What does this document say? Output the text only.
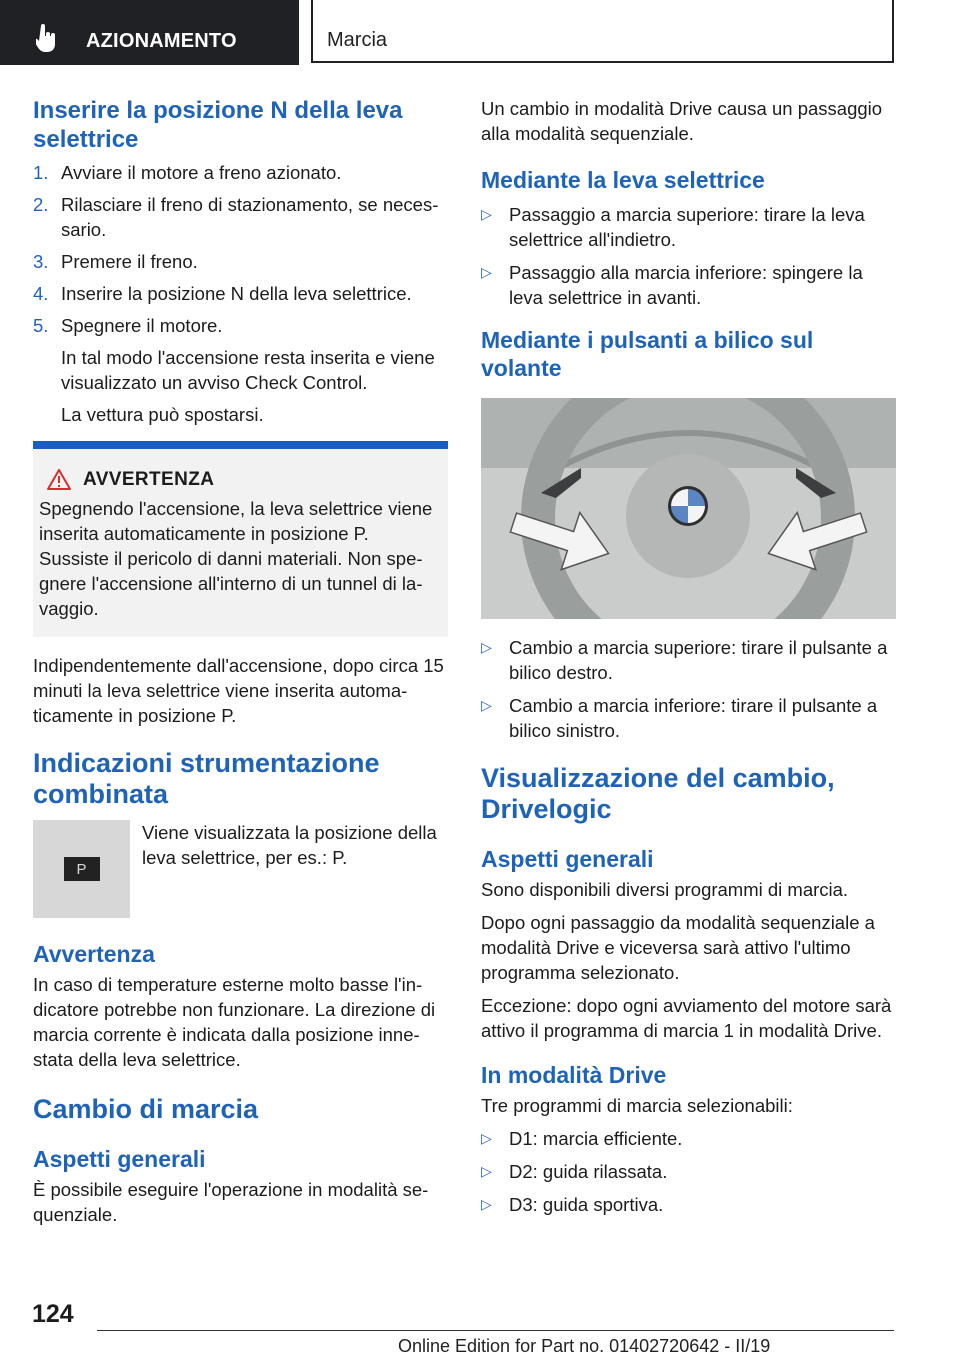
AZIONAMENTO	Marcia
Inserire la posizione N della leva selettrice
1. Avviare il motore a freno azionato.
2. Rilasciare il freno di stazionamento, se neces‐sario.
3. Premere il freno.
4. Inserire la posizione N della leva selettrice.
5. Spegnere il motore.

In tal modo l'accensione resta inserita e viene visualizzato un avviso Check Control.

La vettura può spostarsi.

AVVERTENZA

Spegnendo l'accensione, la leva selettrice viene inserita automaticamente in posizione P. Sussiste il pericolo di danni materiali. Non spe‐gnere l'accensione all'interno di un tunnel di la‐vaggio.

Indipendentemente dall'accensione, dopo circa 15 minuti la leva selettrice viene inserita automa‐ticamente in posizione P.

Indicazioni strumentazione combinata
P

Viene visualizzata la posizione della leva selettrice, per es.: P.

Avvertenza

In caso di temperature esterne molto basse l'in‐dicatore potrebbe non funzionare. La direzione di marcia corrente è indicata dalla posizione inne‐stata della leva selettrice.

Cambio di marcia
Aspetti generali

È possibile eseguire l'operazione in modalità se‐quenziale.

Un cambio in modalità Drive causa un passaggio alla modalità sequenziale.

Mediante la leva selettrice
▷ Passaggio a marcia superiore: tirare la leva selettrice all'indietro.
▷ Passaggio alla marcia inferiore: spingere la leva selettrice in avanti.
Mediante i pulsanti a bilico sul volante
▷ Cambio a marcia superiore: tirare il pulsante a bilico destro.
▷ Cambio a marcia inferiore: tirare il pulsante a bilico sinistro.
Visualizzazione del cambio, Drivelogic
Aspetti generali

Sono disponibili diversi programmi di marcia.

Dopo ogni passaggio da modalità sequenziale a modalità Drive e viceversa sarà attivo l'ultimo programma selezionato.

Eccezione: dopo ogni avviamento del motore sarà attivo il programma di marcia 1 in modalità Drive.

In modalità Drive

Tre programmi di marcia selezionabili:

▷ D1: marcia efficiente.
▷ D2: guida rilassata.
▷ D3: guida sportiva.
124
Online Edition for Part no. 01402720642 - II/19
